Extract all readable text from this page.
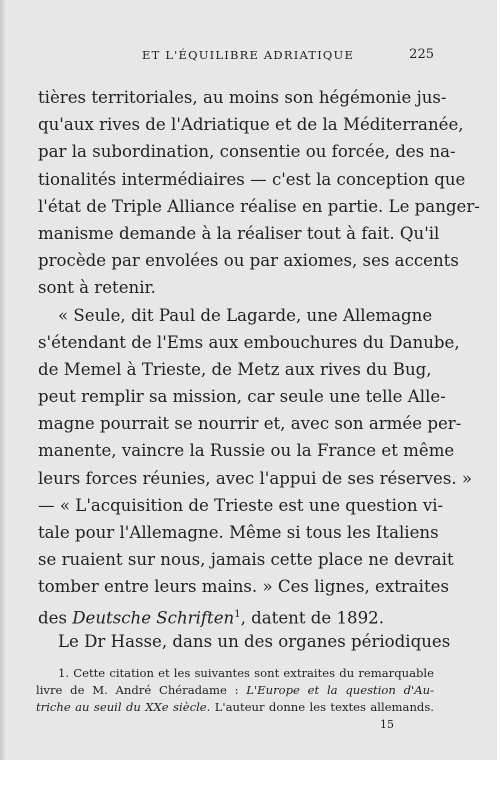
ET L'ÉQUILIBRE ADRIATIQUE	225
tières territoriales, au moins son hégémonie jus-
qu'aux rives de l'Adriatique et de la Méditerranée,
par la subordination, consentie ou forcée, des na-
tionalités intermédiaires — c'est la conception que
l'état de Triple Alliance réalise en partie. Le panger-
manisme demande à la réaliser tout à fait. Qu'il
procède par envolées ou par axiomes, ses accents
sont à retenir.
« Seule, dit Paul de Lagarde, une Allemagne
s'étendant de l'Ems aux embouchures du Danube,
de Memel à Trieste, de Metz aux rives du Bug,
peut remplir sa mission, car seule une telle Alle-
magne pourrait se nourrir et, avec son armée per-
manente, vaincre la Russie ou la France et même
leurs forces réunies, avec l'appui de ses réserves. »
— « L'acquisition de Trieste est une question vi-
tale pour l'Allemagne. Même si tous les Italiens
se ruaient sur nous, jamais cette place ne devrait
tomber entre leurs mains. » Ces lignes, extraites
des Deutsche Schriften$^1$, datent de 1892.
Le Dr Hasse, dans un des organes périodiques
1. Cette citation et les suivantes sont extraites du remarquable
livre de M. André Chéradame : L'Europe et la question d'Au-
triche au seuil du XXe siècle. L'auteur donne les textes allemands.
15
